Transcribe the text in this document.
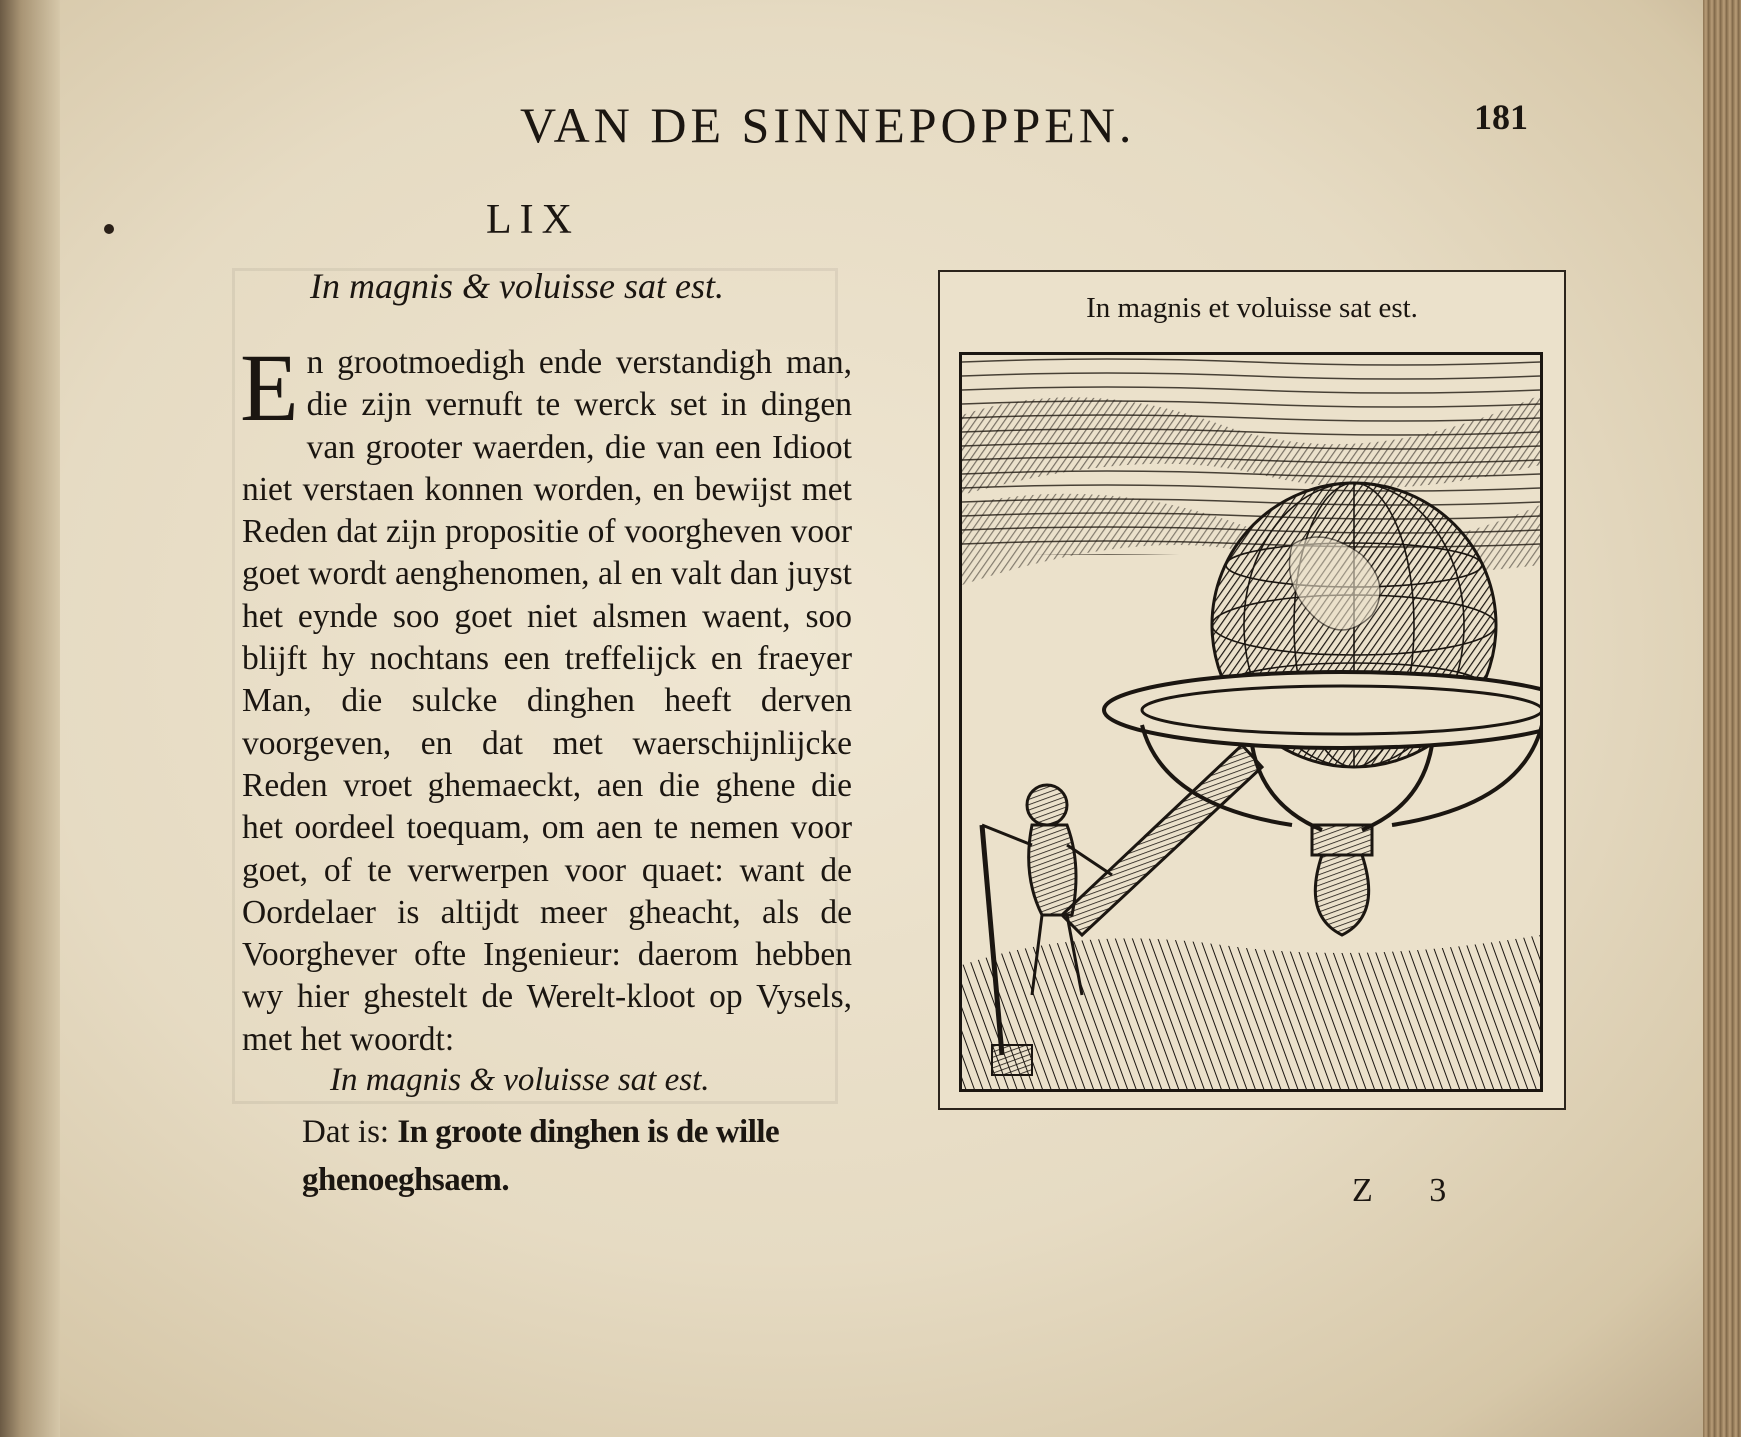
VAN DE SINNEPOPPEN.	181
LIX
In magnis & voluisse sat est.

En grootmoedigh ende verstandigh man, die zijn vernuft te werck set in dingen van grooter waerden, die van een Idioot niet verstaen konnen worden, en bewijst met Reden dat zijn propositie of voorgheven voor goet wordt aenghenomen, al en valt dan juyst het eynde soo goet niet alsmen waent, soo blijft hy nochtans een treffelijck en fraeyer Man, die sulcke dinghen heeft derven voorgeven, en dat met waerschijnlijcke Reden vroet ghemaeckt, aen die ghene die het oordeel toequam, om aen te nemen voor goet, of te verwerpen voor quaet: want de Oordelaer is altijdt meer gheacht, als de Voorghever ofte Ingenieur: daerom hebben wy hier ghestelt de Werelt-kloot op Vysels, met het woordt:

In magnis & voluisse sat est.

Dat is: In groote dinghen is de wille ghenoeghsaem.

In magnis et voluisse sat est.
Z 3
